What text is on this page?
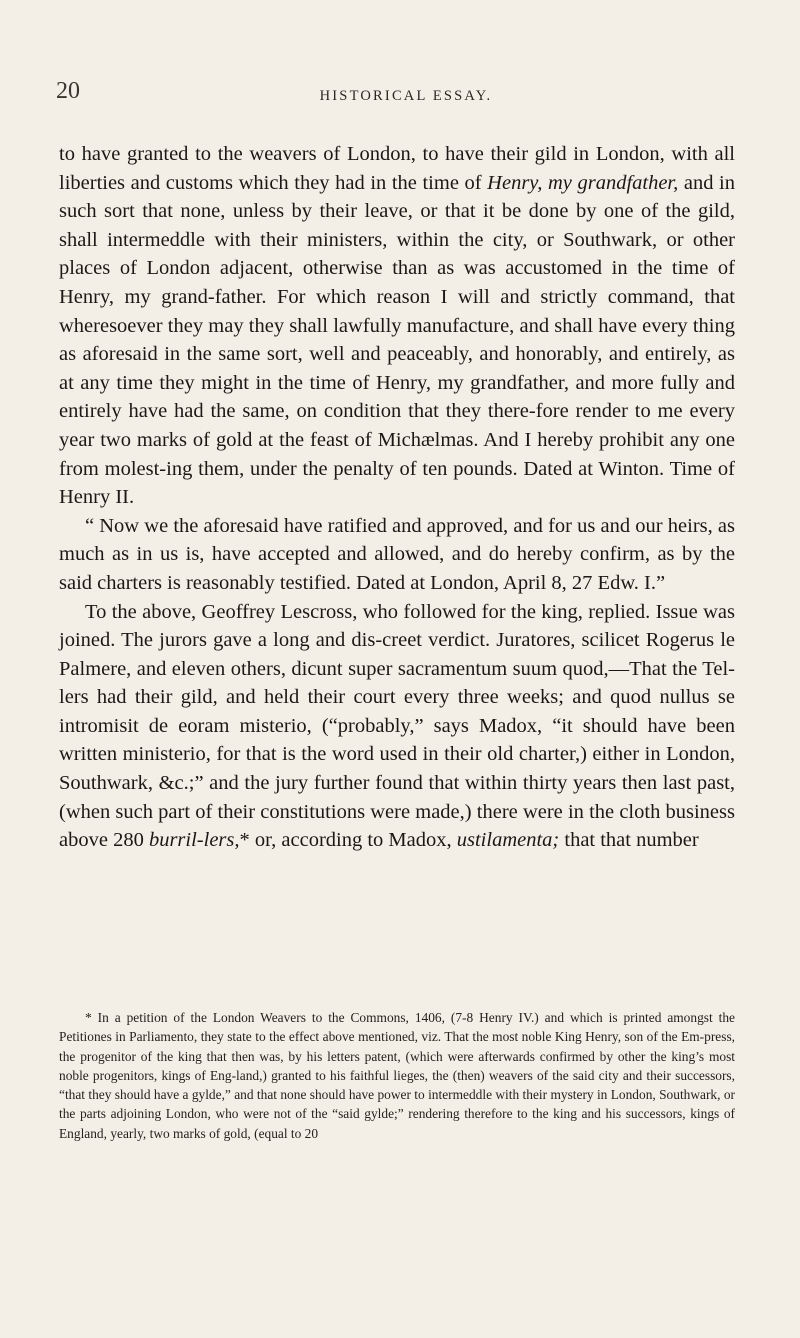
20	HISTORICAL ESSAY.

to have granted to the weavers of London, to have their gild in London, with all liberties and customs which they had in the time of Henry, my grandfather, and in such sort that none, unless by their leave, or that it be done by one of the gild, shall intermeddle with their ministers, within the city, or Southwark, or other places of London adjacent, otherwise than as was accustomed in the time of Henry, my grand-father. For which reason I will and strictly command, that wheresoever they may they shall lawfully manufacture, and shall have every thing as aforesaid in the same sort, well and peaceably, and honorably, and entirely, as at any time they might in the time of Henry, my grandfather, and more fully and entirely have had the same, on condition that they there-fore render to me every year two marks of gold at the feast of Michælmas. And I hereby prohibit any one from molest-ing them, under the penalty of ten pounds. Dated at Winton. Time of Henry II.

“ Now we the aforesaid have ratified and approved, and for us and our heirs, as much as in us is, have accepted and allowed, and do hereby confirm, as by the said charters is reasonably testified. Dated at London, April 8, 27 Edw. I.”

To the above, Geoffrey Lescross, who followed for the king, replied. Issue was joined. The jurors gave a long and dis-creet verdict. Juratores, scilicet Rogerus le Palmere, and eleven others, dicunt super sacramentum suum quod,—That the Tel-lers had their gild, and held their court every three weeks; and quod nullus se intromisit de eoram misterio, (“probably,” says Madox, “it should have been written ministerio, for that is the word used in their old charter,) either in London, Southwark, &c.;” and the jury further found that within thirty years then last past, (when such part of their constitutions were made,) there were in the cloth business above 280 burril-lers,* or, according to Madox, ustilamenta; that that number

* In a petition of the London Weavers to the Commons, 1406, (7-8 Henry IV.) and which is printed amongst the Petitiones in Parliamento, they state to the effect above mentioned, viz. That the most noble King Henry, son of the Em-press, the progenitor of the king that then was, by his letters patent, (which were afterwards confirmed by other the king’s most noble progenitors, kings of Eng-land,) granted to his faithful lieges, the (then) weavers of the said city and their successors, “that they should have a gylde,” and that none should have power to intermeddle with their mystery in London, Southwark, or the parts adjoining London, who were not of the “said gylde;” rendering therefore to the king and his successors, kings of England, yearly, two marks of gold, (equal to 20
